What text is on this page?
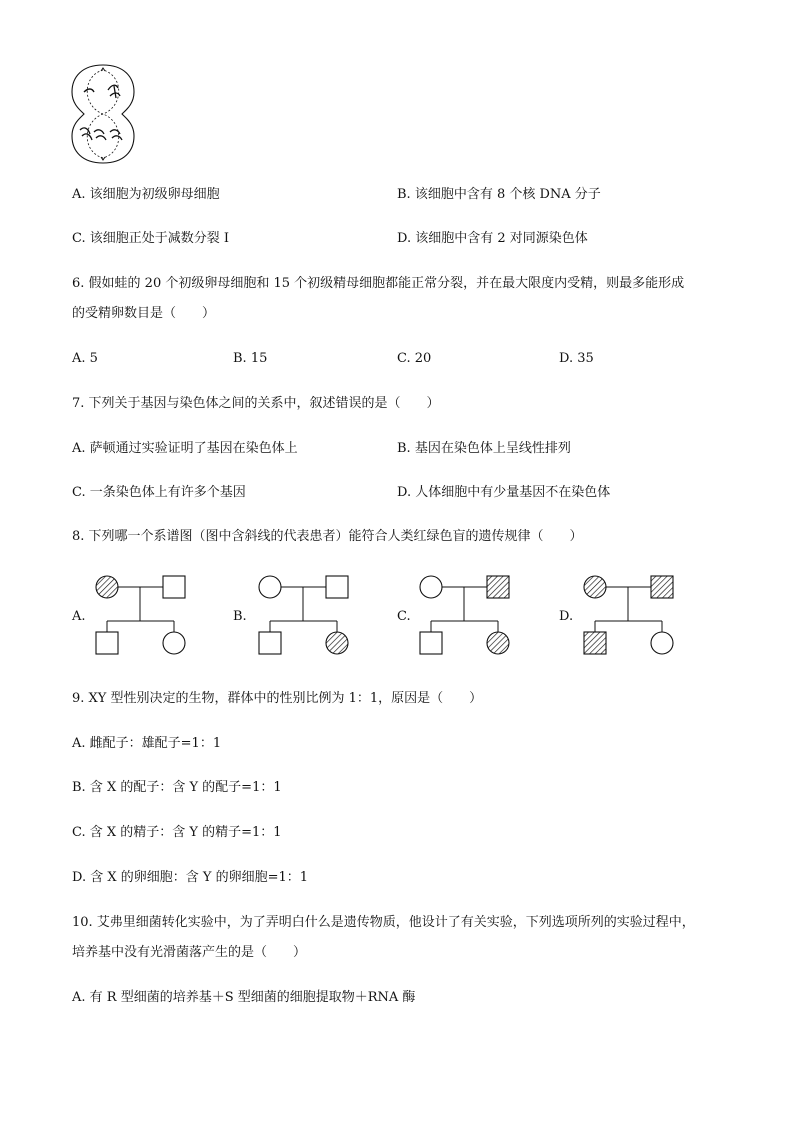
A. 该细胞为初级卵母细胞	B. 该细胞中含有 8 个核 DNA 分子
C. 该细胞正处于减数分裂 I	D. 该细胞中含有 2 对同源染色体
6. 假如蛙的 20 个初级卵母细胞和 15 个初级精母细胞都能正常分裂，并在最大限度内受精，则最多能形成
的受精卵数目是（　　）
A. 5	B. 15	C. 20	D. 35
7. 下列关于基因与染色体之间的关系中，叙述错误的是（　　）
A. 萨顿通过实验证明了基因在染色体上	B. 基因在染色体上呈线性排列
C. 一条染色体上有许多个基因	D. 人体细胞中有少量基因不在染色体
8. 下列哪一个系谱图（图中含斜线的代表患者）能符合人类红绿色盲的遗传规律（　　）
A.	B.	C.	D.
9. XY 型性别决定的生物，群体中的性别比例为 1：1，原因是（　　）
A. 雌配子：雄配子=1：1
B. 含 X 的配子：含 Y 的配子=1：1
C. 含 X 的精子：含 Y 的精子=1：1
D. 含 X 的卵细胞：含 Y 的卵细胞=1：1
10. 艾弗里细菌转化实验中，为了弄明白什么是遗传物质，他设计了有关实验，下列选项所列的实验过程中，
培养基中没有光滑菌落产生的是（　　）
A. 有 R 型细菌的培养基＋S 型细菌的细胞提取物＋RNA 酶
